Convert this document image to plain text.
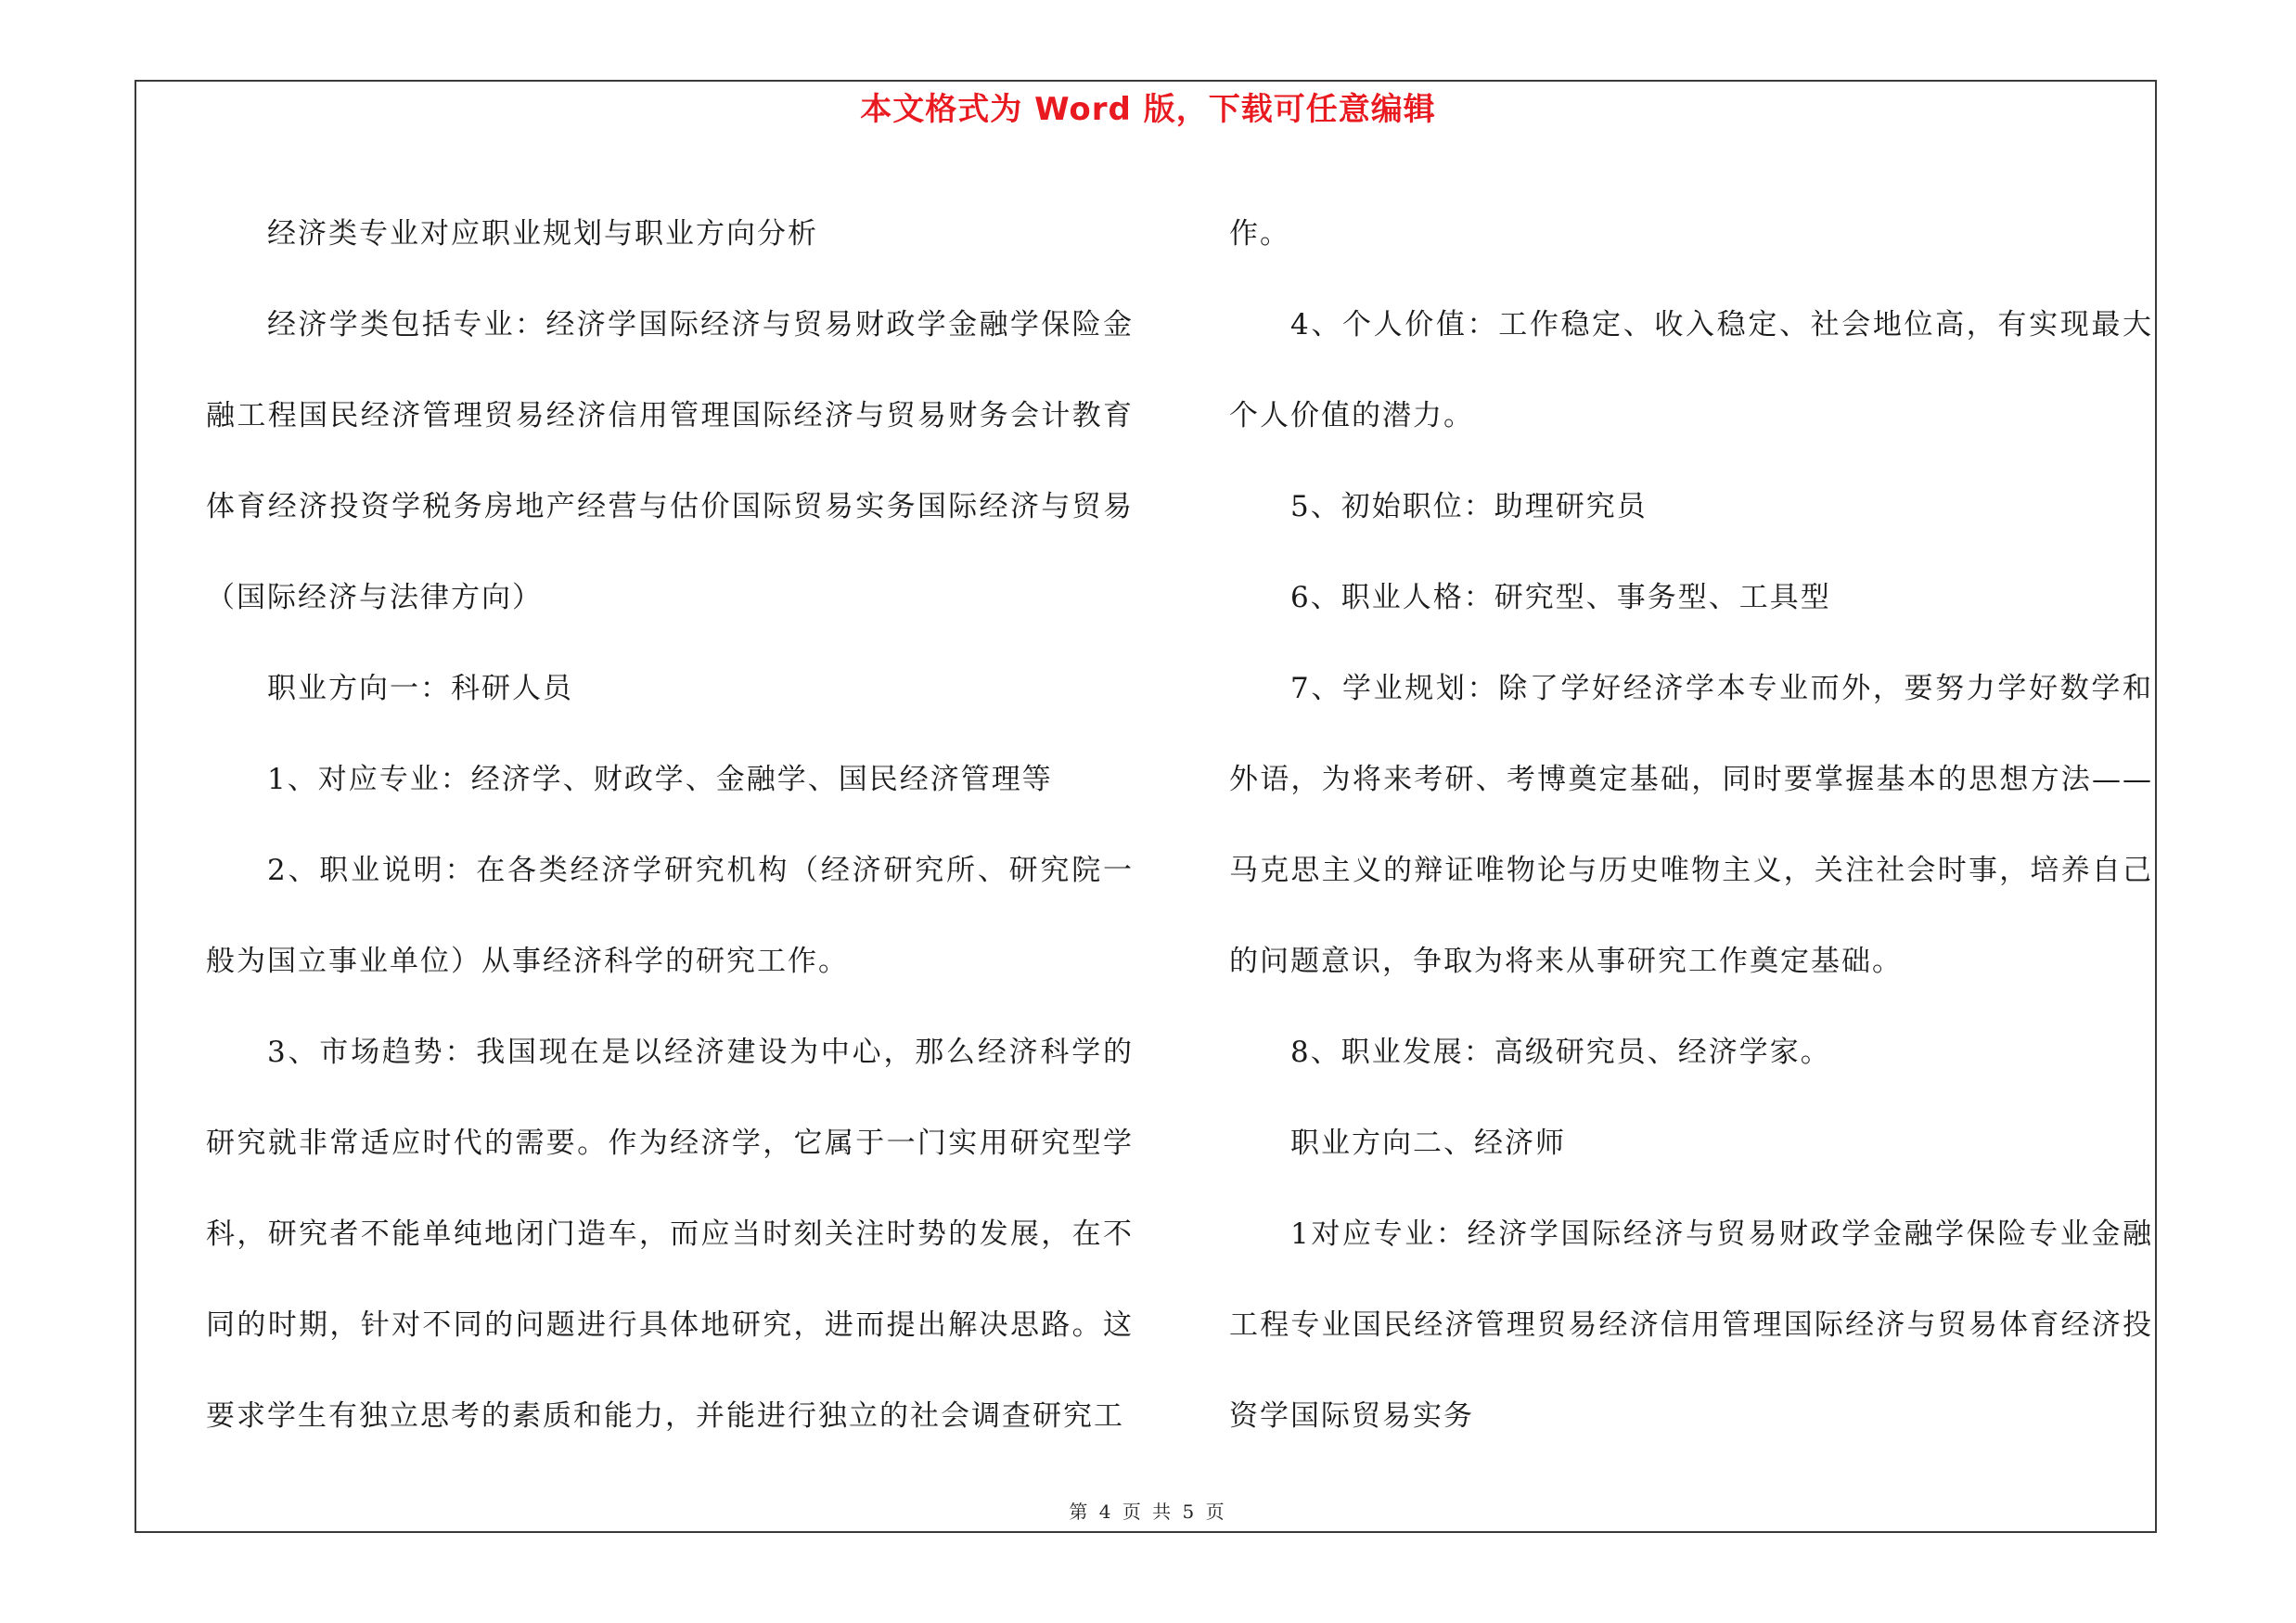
本文格式为 Word 版，下载可任意编辑

经济类专业对应职业规划与职业方向分析

经济学类包括专业：经济学国际经济与贸易财政学金融学保险金融工程国民经济管理贸易经济信用管理国际经济与贸易财务会计教育体育经济投资学税务房地产经营与估价国际贸易实务国际经济与贸易（国际经济与法律方向）

职业方向一：科研人员

1、对应专业：经济学、财政学、金融学、国民经济管理等

2、职业说明：在各类经济学研究机构（经济研究所、研究院一般为国立事业单位）从事经济科学的研究工作。

3、市场趋势：我国现在是以经济建设为中心，那么经济科学的研究就非常适应时代的需要。作为经济学，它属于一门实用研究型学科，研究者不能单纯地闭门造车，而应当时刻关注时势的发展，在不同的时期，针对不同的问题进行具体地研究，进而提出解决思路。这要求学生有独立思考的素质和能力，并能进行独立的社会调查研究工

作。

4、个人价值：工作稳定、收入稳定、社会地位高，有实现最大个人价值的潜力。

5、初始职位：助理研究员

6、职业人格：研究型、事务型、工具型

7、学业规划：除了学好经济学本专业而外，要努力学好数学和外语，为将来考研、考博奠定基础，同时要掌握基本的思想方法——马克思主义的辩证唯物论与历史唯物主义，关注社会时事，培养自己的问题意识，争取为将来从事研究工作奠定基础。

8、职业发展：高级研究员、经济学家。

职业方向二、经济师

1对应专业：经济学国际经济与贸易财政学金融学保险专业金融工程专业国民经济管理贸易经济信用管理国际经济与贸易体育经济投资学国际贸易实务

第 4 页 共 5 页
